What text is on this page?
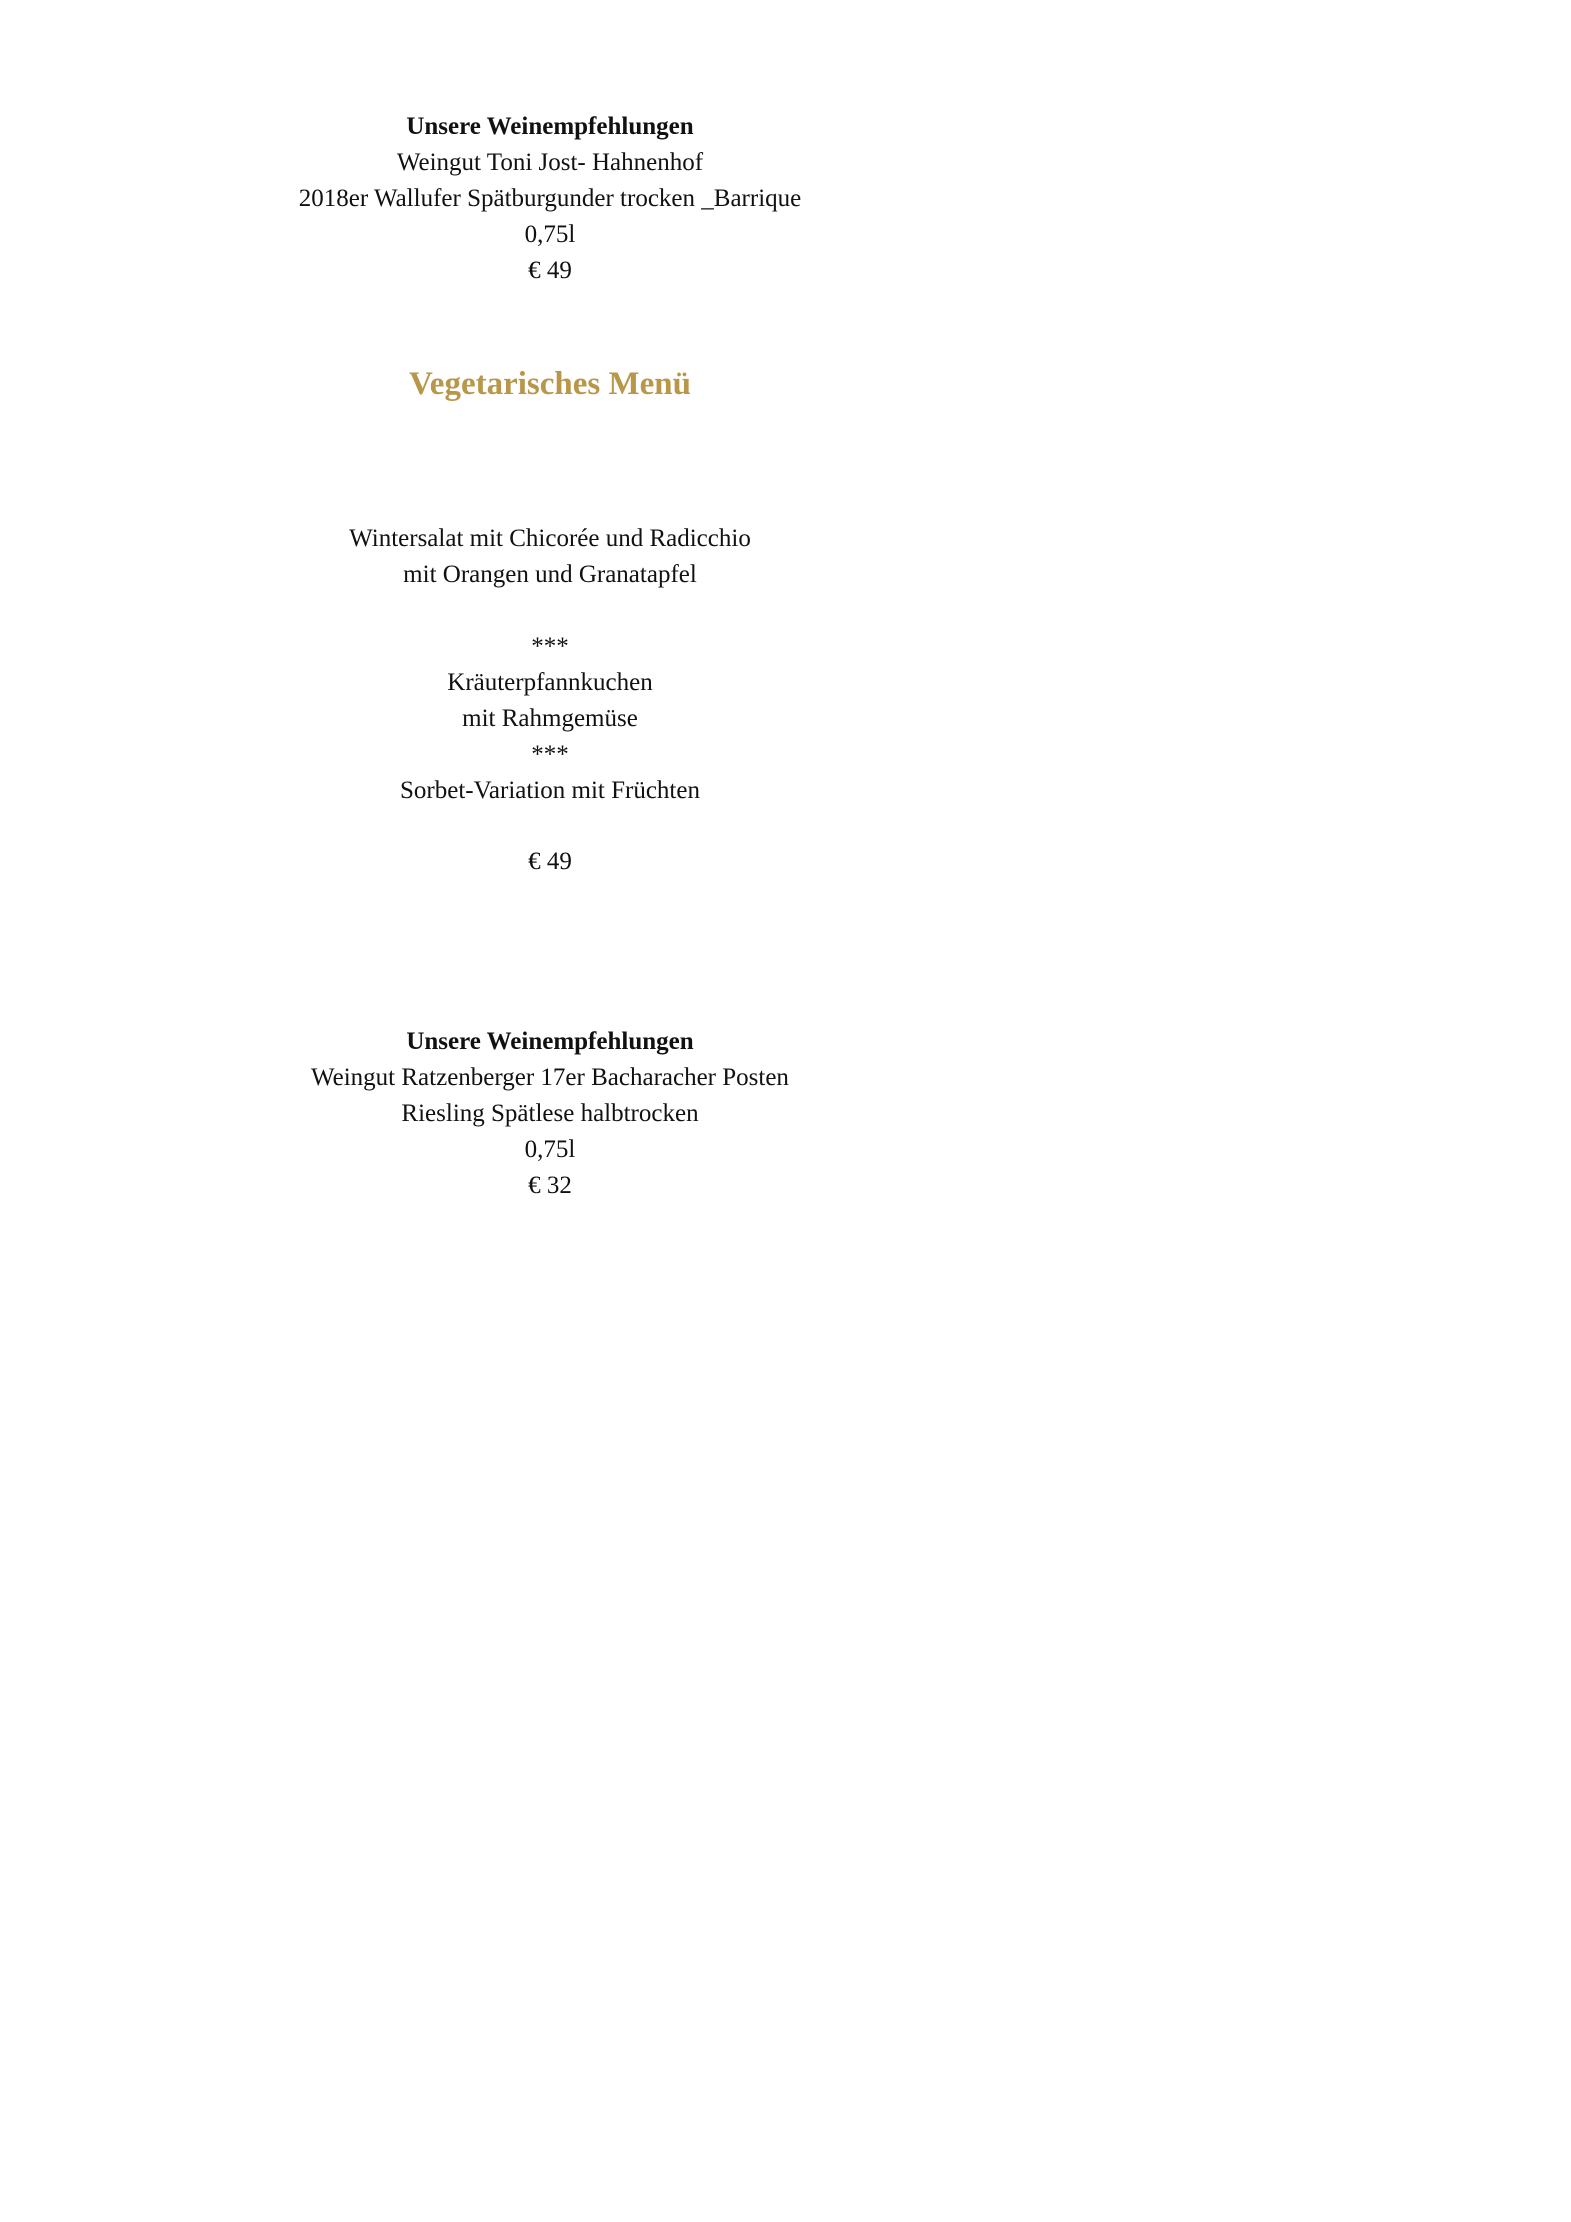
Unsere Weinempfehlungen
Weingut Toni Jost- Hahnenhof
2018er Wallufer Spätburgunder trocken _Barrique
0,75l
€ 49
Vegetarisches Menü
Wintersalat mit Chicorée und Radicchio
mit Orangen und Granatapfel
***
Kräuterpfannkuchen
mit Rahmgemüse
***
Sorbet-Variation mit Früchten
€ 49
Unsere Weinempfehlungen
Weingut Ratzenberger 17er Bacharacher Posten
Riesling Spätlese halbtrocken
0,75l
€ 32
